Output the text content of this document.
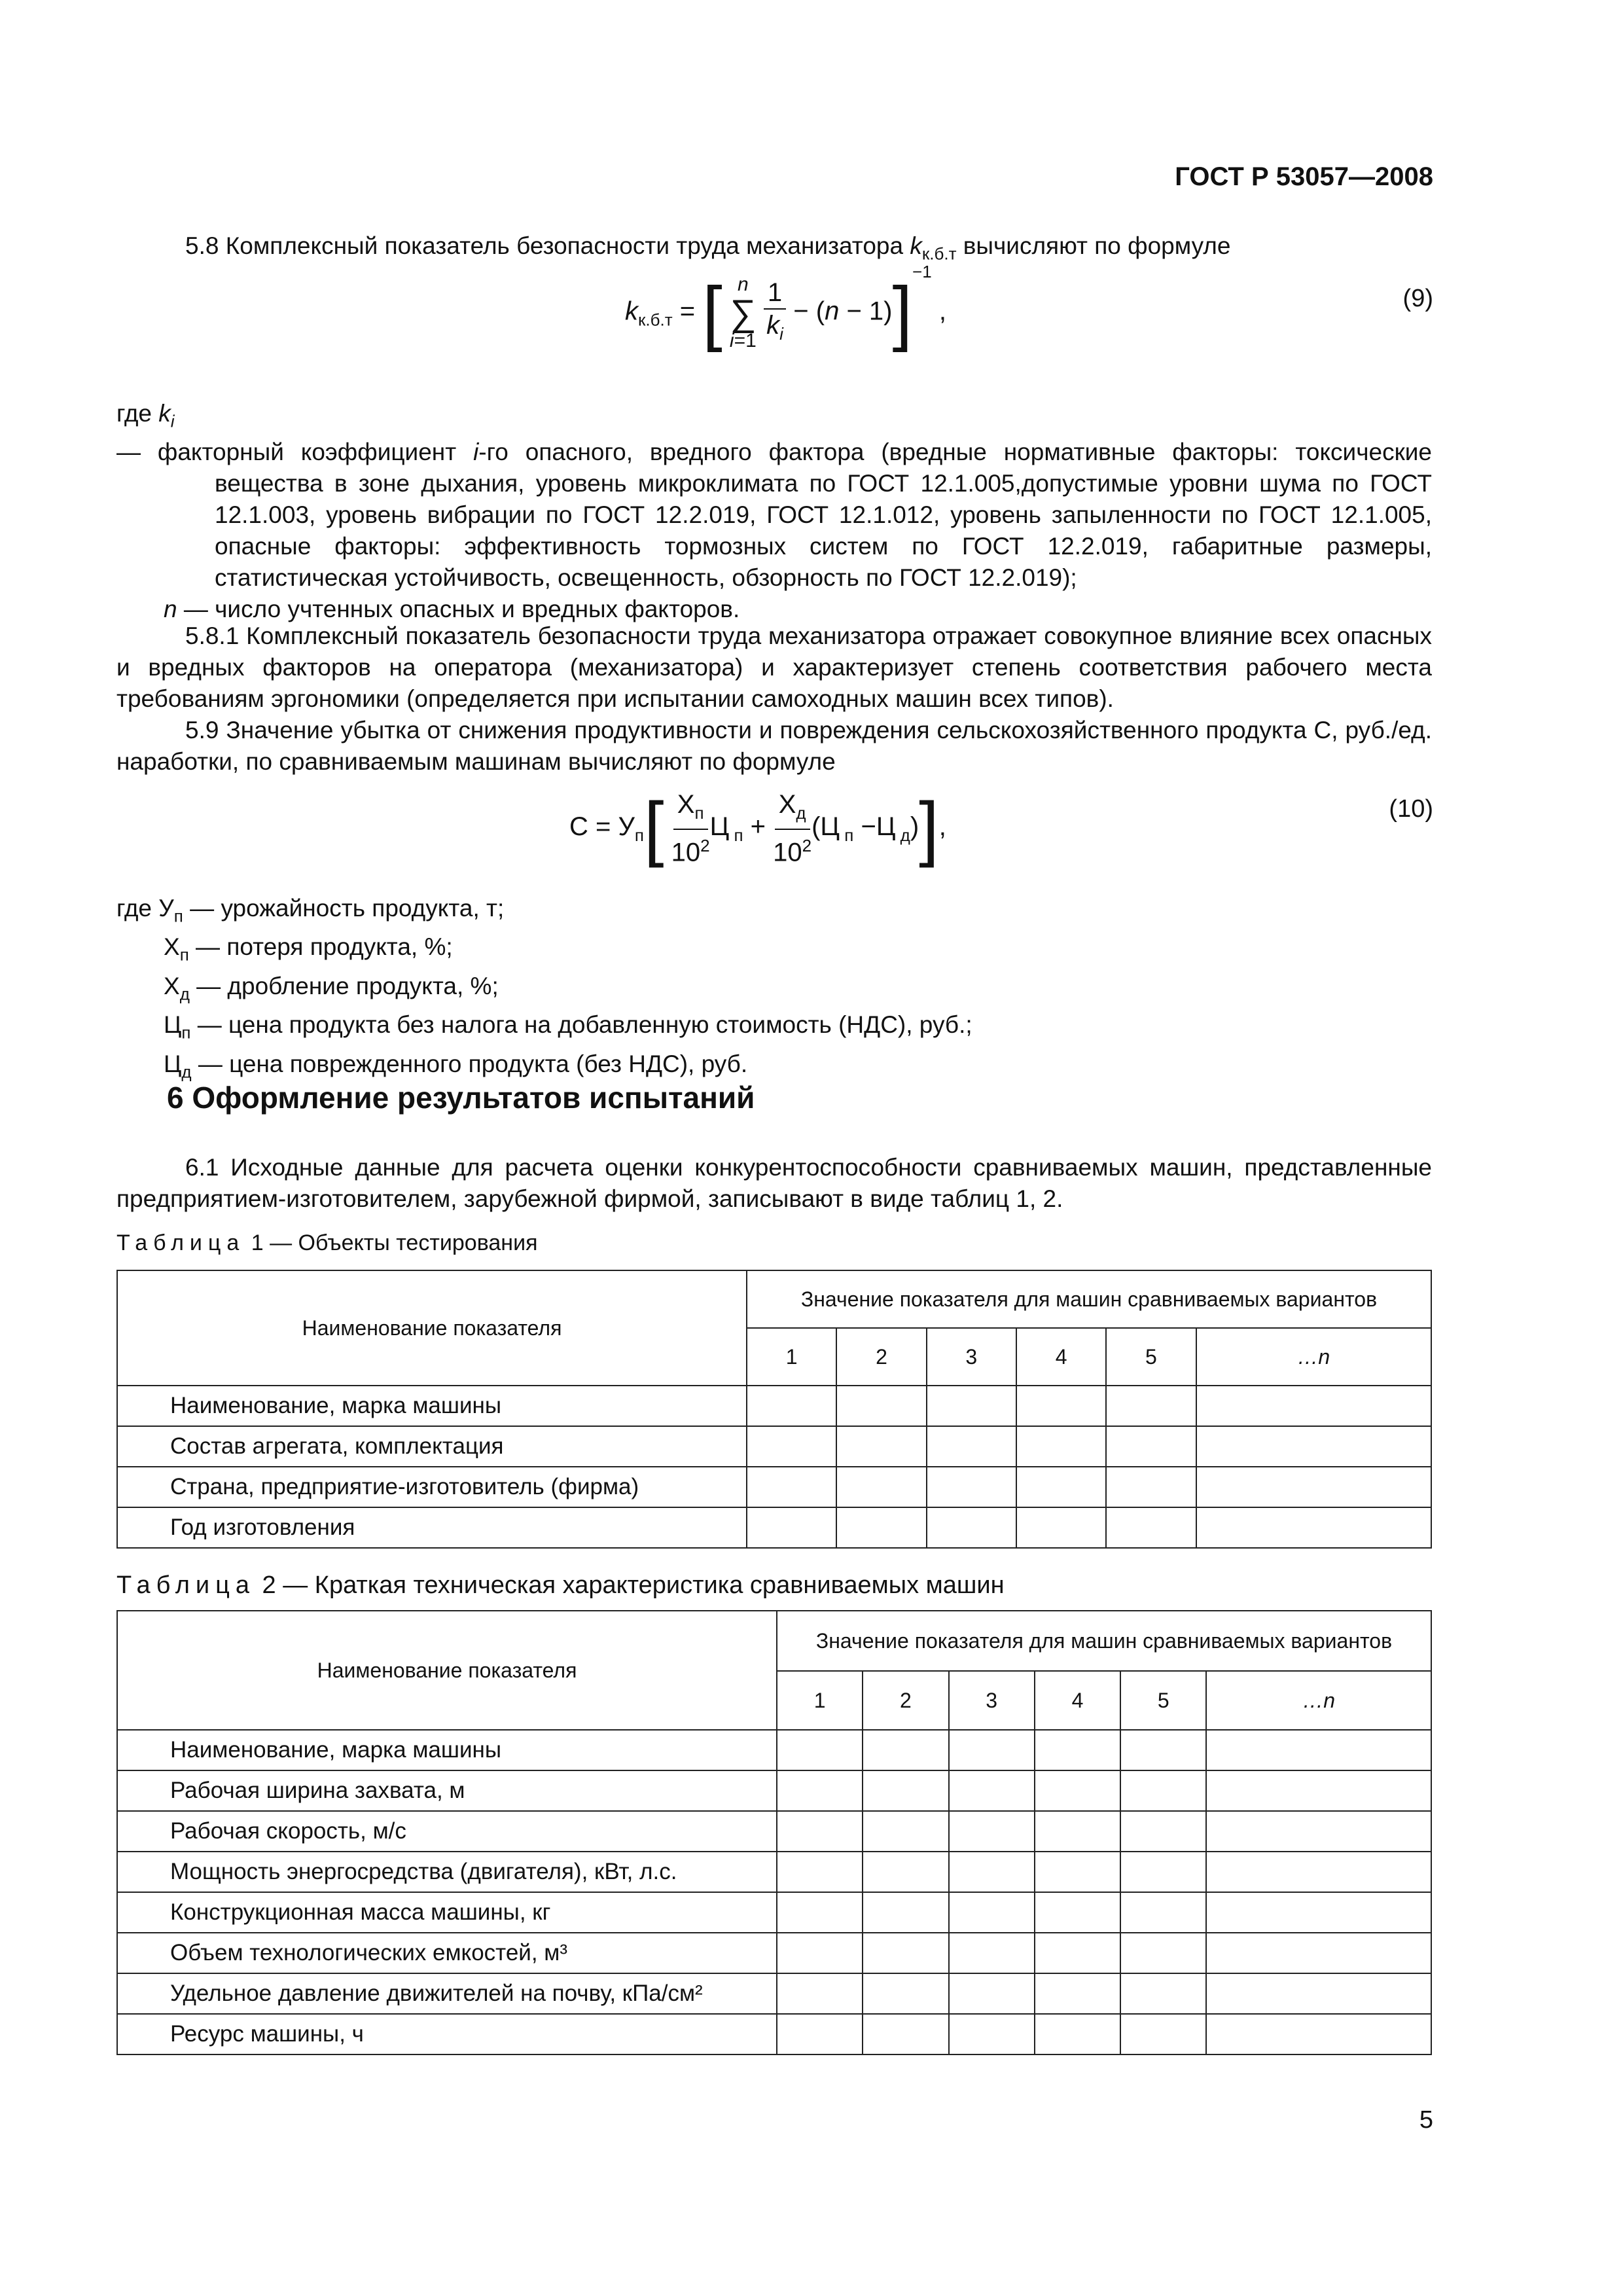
ГОСТ Р 53057—2008
5.8 Комплексный показатель безопасности труда механизатора $k_{к.б.т}$ вычисляют по формуле
$k_{к.б.т}$ = [ n
∑
i=1
$\frac{1}{k_i} - (n - 1)]^{-1}$ ,	(9)
где $k_i$
— факторный коэффициент i-го опасного, вредного фактора (вредные нормативные факторы: токсические вещества в зоне дыхания, уровень микроклимата по ГОСТ 12.1.005,допустимые уровни шума по ГОСТ 12.1.003, уровень вибрации по ГОСТ 12.2.019, ГОСТ 12.1.012, уровень запыленности по ГОСТ 12.1.005, опасные факторы: эффективность тормозных систем по ГОСТ 12.2.019, габаритные размеры, статистическая устойчивость, освещенность, обзорность по ГОСТ 12.2.019);
n — число учтенных опасных и вредных факторов.
5.8.1 Комплексный показатель безопасности труда механизатора отражает совокупное влияние всех опасных и вредных факторов на оператора (механизатора) и характеризует степень соответствия рабочего места требованиям эргономики (определяется при испытании самоходных машин всех типов).
5.9 Значение убытка от снижения продуктивности и повреждения сельскохозяйственного продукта С, руб./ед. наработки, по сравниваемым машинам вычисляют по формуле
$С = У_п[ \frac{Х_п}{10^2}$ Ц $_п + \frac{Х_д}{10^2} (Ц$ $_п$ −Ц $_д$)],
(10)
где $У_п$ — урожайность продукта, т;
$Х_п$ — потеря продукта, %;
$Х_д$ — дробление продукта, %;
$Ц_п$ — цена продукта без налога на добавленную стоимость (НДС), руб.;
$Ц_д$ — цена поврежденного продукта (без НДС), руб.
6 Оформление результатов испытаний
6.1 Исходные данные для расчета оценки конкурентоспособности сравниваемых машин, представленные предприятием-изготовителем, зарубежной фирмой, записывают в виде таблиц 1, 2.
Таблица 1 — Объекты тестирования
Наименование показателя	Значение показателя для машин сравниваемых вариантов					
	1	2	3	4	5	…n
Наименование, марка машины						
Состав агрегата, комплектация						
Страна, предприятие-изготовитель (фирма)						
Год изготовления						
Таблица 2 — Краткая техническая характеристика сравниваемых машин
Наименование показателя	Значение показателя для машин сравниваемых вариантов					
	1	2	3	4	5	…n
Наименование, марка машины						
Рабочая ширина захвата, м						
Рабочая скорость, м/с						
Мощность энергосредства (двигателя), кВт, л.с.						
Конструкционная масса машины, кг						
Объем технологических емкостей, м³						
Удельное давление движителей на почву, кПа/см²						
Ресурс машины, ч						
5
